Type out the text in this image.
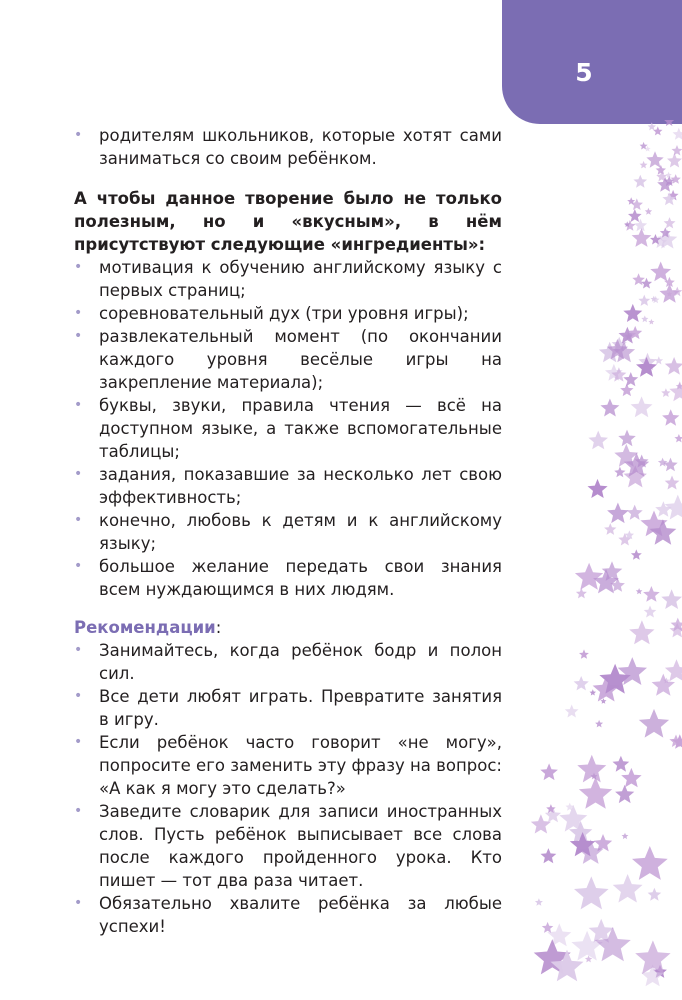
5
• родителям школьников, которые хотят сами заниматься со своим ребёнком.

А чтобы данное творение было не только полезным, но и «вкусным», в нём присутствуют следующие «ингредиенты»:

• мотивация к обучению английскому языку с первых страниц;
• соревновательный дух (три уровня игры);
• развлекательный момент (по окончании каждого уровня весёлые игры на закрепление материала);
• буквы, звуки, правила чтения — всё на доступном языке, а также вспомогательные таблицы;
• задания, показавшие за несколько лет свою эффективность;
• конечно, любовь к детям и к английскому языку;
• большое желание передать свои знания всем нуждающимся в них людям.
Рекомендации:
• Занимайтесь, когда ребёнок бодр и полон сил.
• Все дети любят играть. Превратите занятия в игру.
• Если ребёнок часто говорит «не могу», попросите его заменить эту фразу на вопрос: «А как я могу это сделать?»
• Заведите словарик для записи иностранных слов. Пусть ребёнок выписывает все слова после каждого пройденного урока. Кто пишет — тот два раза читает.
• Обязательно хвалите ребёнка за любые успехи!
